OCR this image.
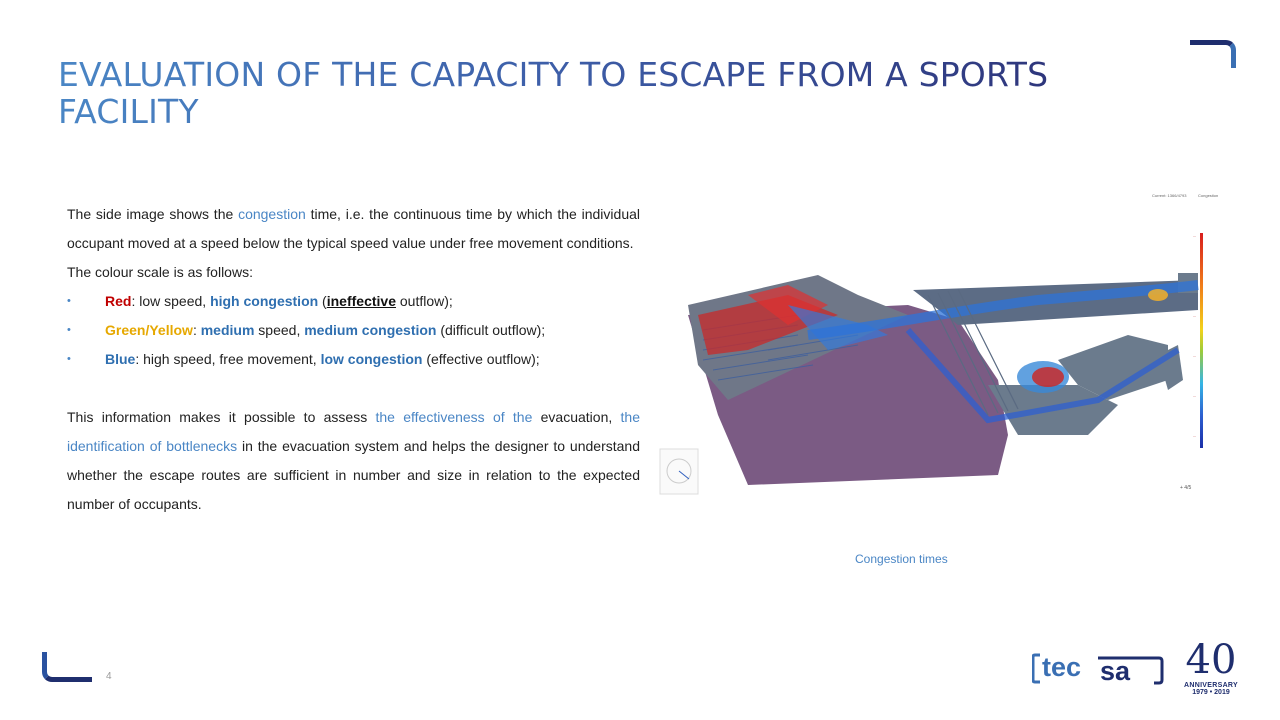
EVALUATION OF THE CAPACITY TO ESCAPE FROM A SPORTS FACILITY

The side image shows the congestion time, i.e. the continuous time by which the individual occupant moved at a speed below the typical speed value under free movement conditions.

The colour scale is as follows:

• Red: low speed, high congestion (ineffective outflow);
• Green/Yellow: medium speed, medium congestion (difficult outflow);
• Blue: high speed, free movement, low congestion (effective outflow);

This information makes it possible to assess the effectiveness of the evacuation, the identification of bottlenecks in the evacuation system and helps the designer to understand whether the escape routes are sufficient in number and size in relation to the expected number of occupants.

Current: 1366/4793	Congestion
—
—
—
—
—
+ 4/5
Congestion times
4	tec sa 40
ANNIVERSARY
1979 • 2019
